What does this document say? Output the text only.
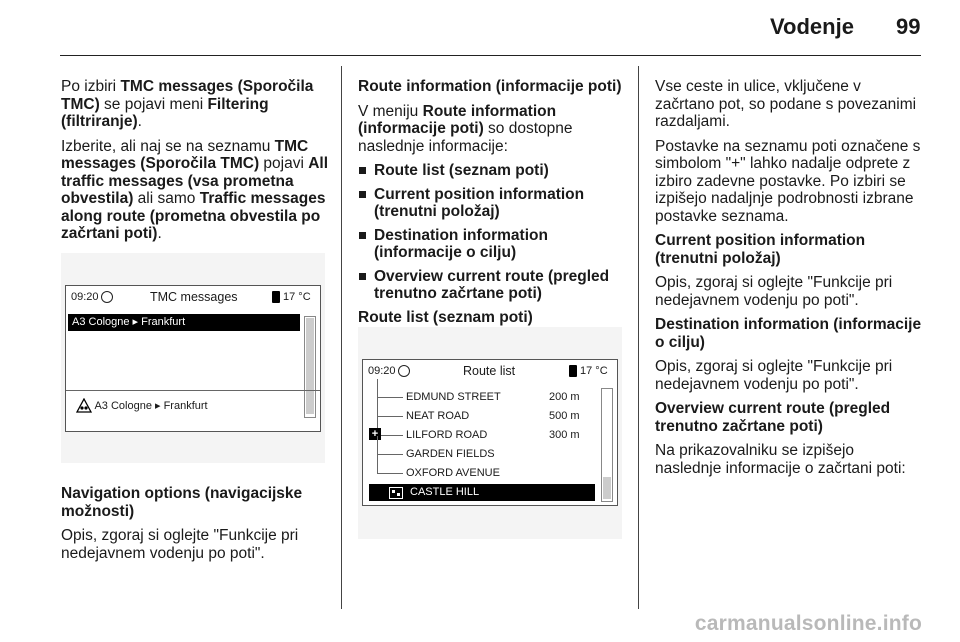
Vodenje 99

Po izbiri TMC messages (Sporočila TMC) se pojavi meni Filtering (filtriranje).

Izberite, ali naj se na seznamu TMC messages (Sporočila TMC) pojavi All traffic messages (vsa prometna obvestila) ali samo Traffic messages along route (prometna obvestila po začrtani poti).

09:20	TMC messages	17 °C
A3 Cologne ▸ Frankfurt
A3 Cologne ▸ Frankfurt

Navigation options (navigacijske možnosti)

Opis, zgoraj si oglejte "Funkcije pri nedejavnem vodenju po poti".

Route information (informacije poti)

V meniju Route information (informacije poti) so dostopne naslednje informacije:

Route list (seznam poti)
Current position information (trenutni položaj)
Destination information (informacije o cilju)
Overview current route (pregled trenutno začrtane poti)

Route list (seznam poti)

09:20	Route list	17 °C
EDMUND STREET	200 m
NEAT ROAD	500 m
+	LILFORD ROAD	300 m
GARDEN FIELDS
OXFORD AVENUE
CASTLE HILL

Vse ceste in ulice, vključene v začrtano pot, so podane s povezanimi razdaljami.

Postavke na seznamu poti označene s simbolom "+" lahko nadalje odprete z izbiro zadevne postavke. Po izbiri se izpišejo nadaljnje podrobnosti izbrane postavke seznama.

Current position information (trenutni položaj)

Opis, zgoraj si oglejte "Funkcije pri nedejavnem vodenju po poti".

Destination information (informacije o cilju)

Opis, zgoraj si oglejte "Funkcije pri nedejavnem vodenju po poti".

Overview current route (pregled trenutno začrtane poti)

Na prikazovalniku se izpišejo naslednje informacije o začrtani poti:

carmanualsonline.info
